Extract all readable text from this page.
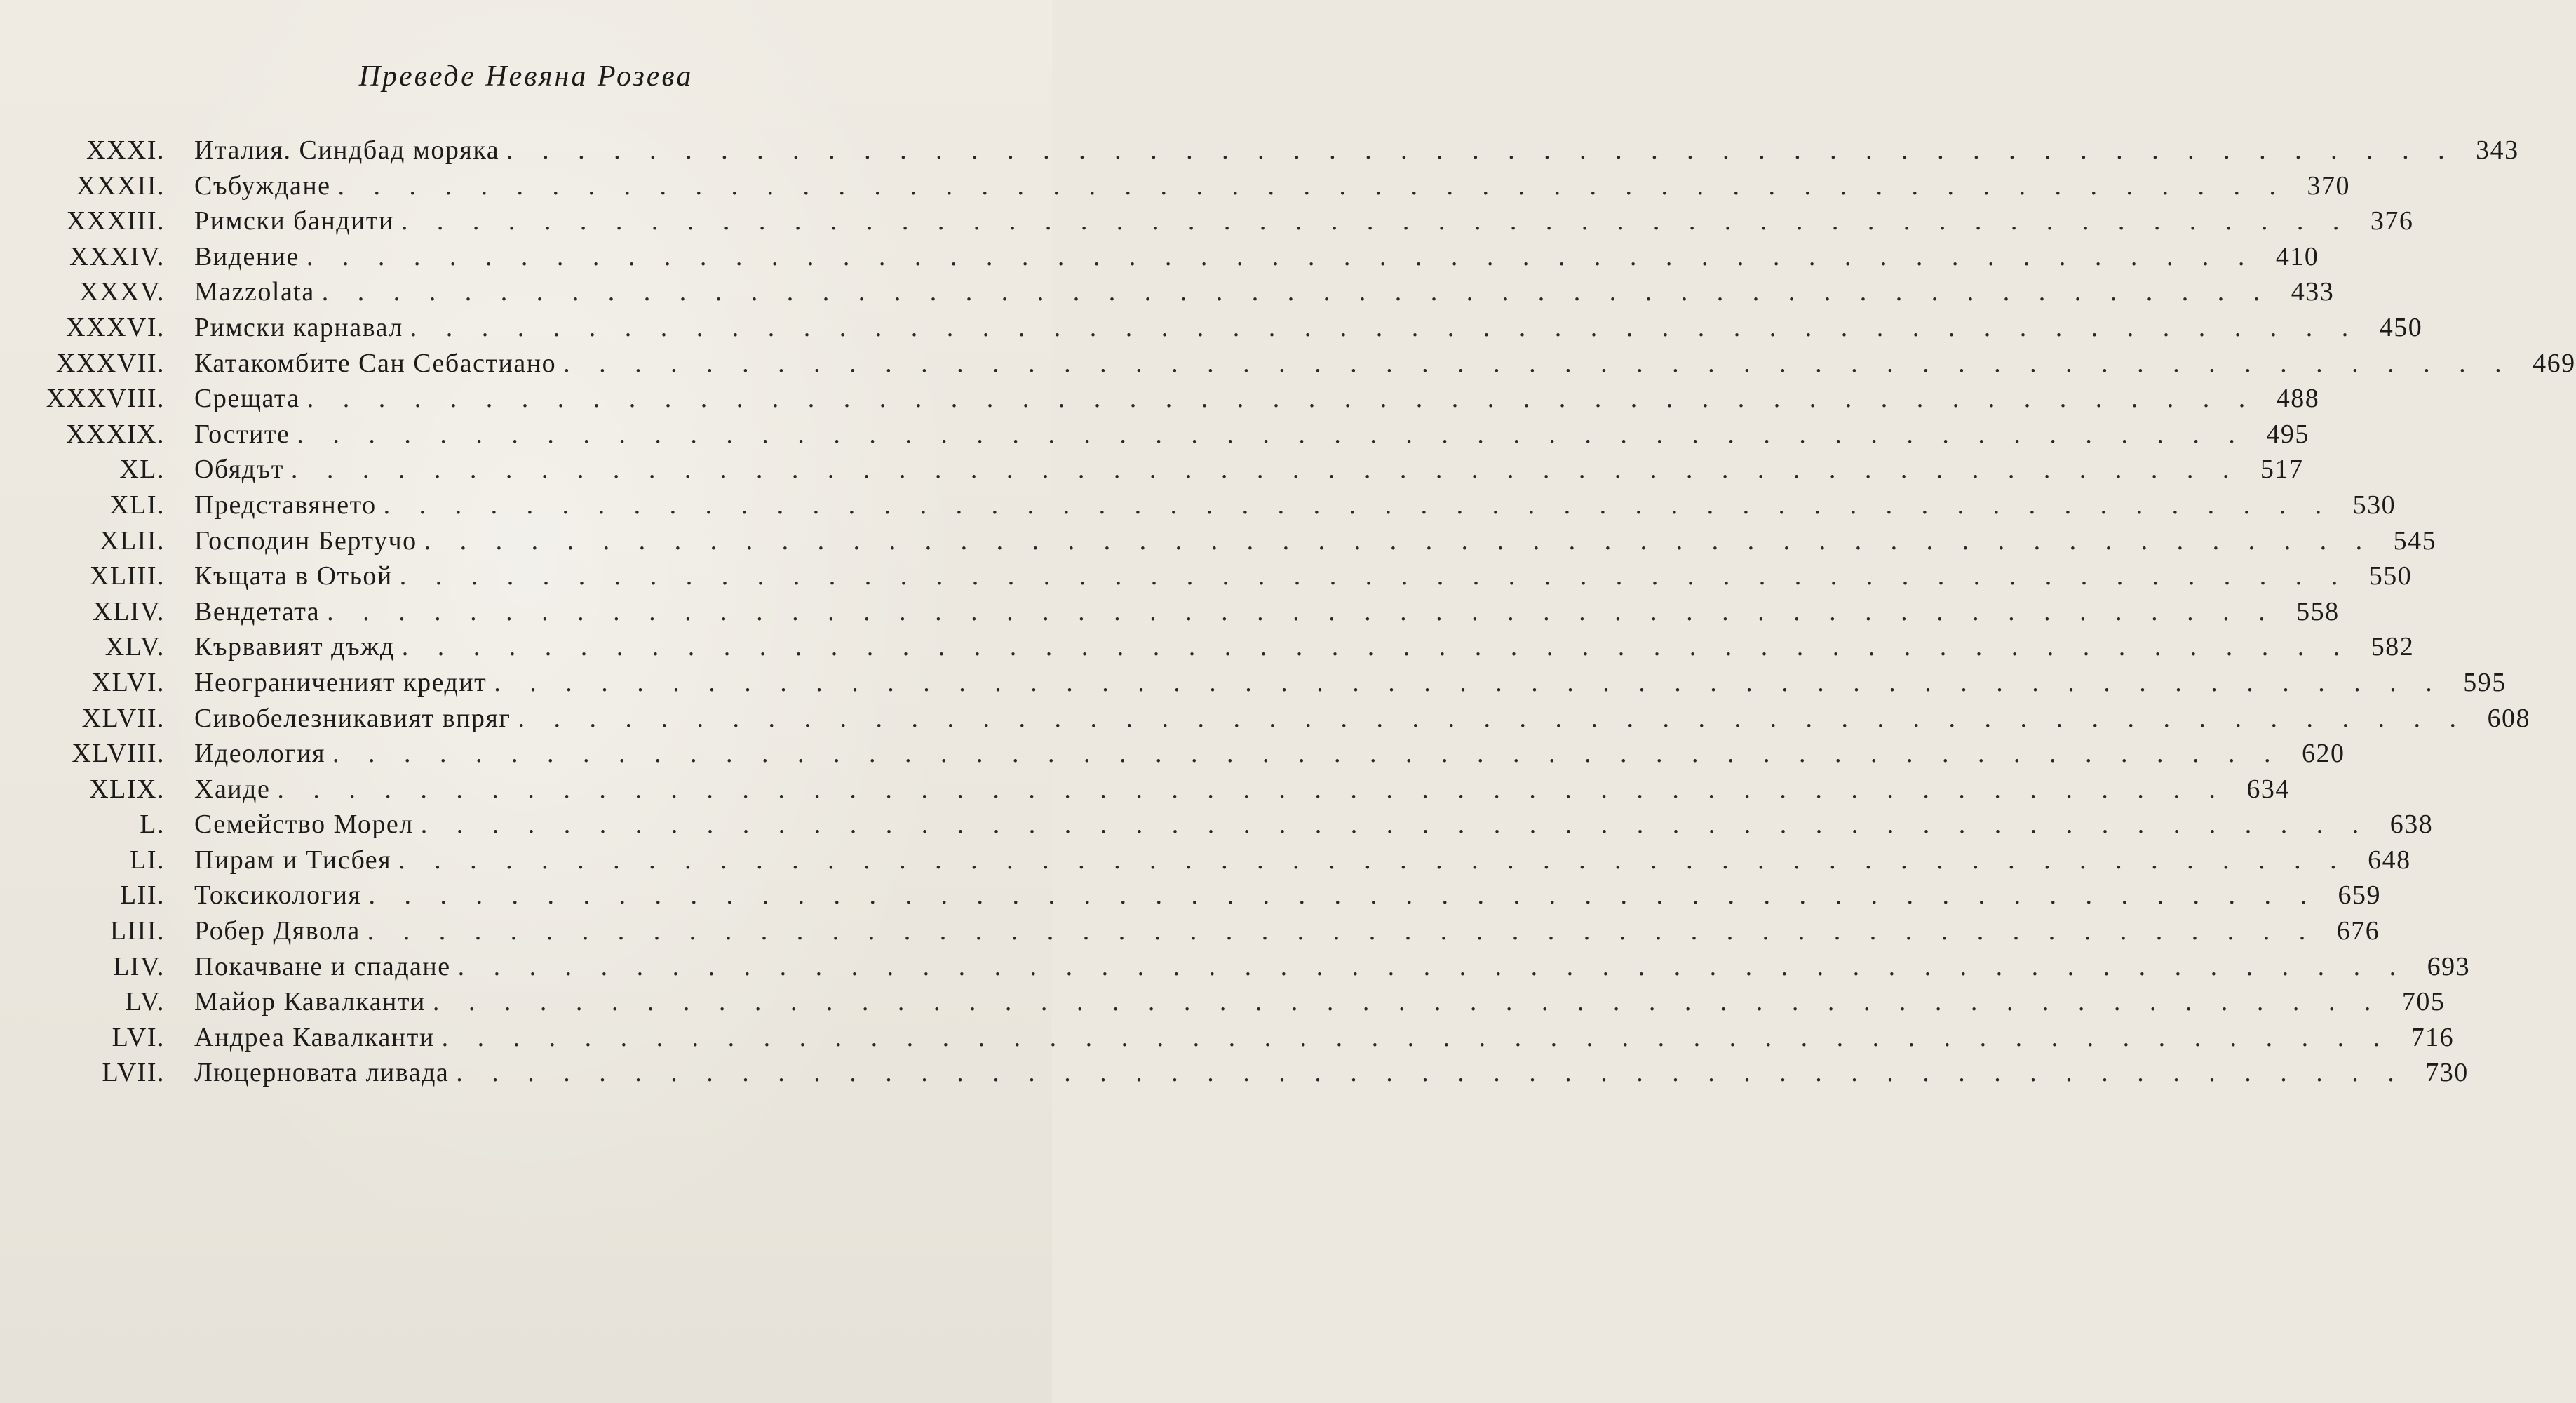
Преведе Невяна Розева
XXXI. Италия. Синдбад моряка . . . . . . . . . . . . . . . . . . . . . . . . . . . . . . . . . . . . . . . . . . . . . . . . . . . . . . . 343
XXXII. Събуждане . . . . . . . . . . . . . . . . . . . . . . . . . . . . . . . . . . . . . . . . . . . . . . . . . . . . . . . 370
XXXIII. Римски бандити . . . . . . . . . . . . . . . . . . . . . . . . . . . . . . . . . . . . . . . . . . . . . . . . . . . . . . . 376
XXXIV. Видение . . . . . . . . . . . . . . . . . . . . . . . . . . . . . . . . . . . . . . . . . . . . . . . . . . . . . . . 410
XXXV. Mazzolata . . . . . . . . . . . . . . . . . . . . . . . . . . . . . . . . . . . . . . . . . . . . . . . . . . . . . . . 433
XXXVI. Римски карнавал . . . . . . . . . . . . . . . . . . . . . . . . . . . . . . . . . . . . . . . . . . . . . . . . . . . . . . . 450
XXXVII. Катакомбите Сан Себастиано . . . . . . . . . . . . . . . . . . . . . . . . . . . . . . . . . . . . . . . . . . . . . . . . . . . . . . . 469
XXXVIII. Срещата . . . . . . . . . . . . . . . . . . . . . . . . . . . . . . . . . . . . . . . . . . . . . . . . . . . . . . . 488
XXXIX. Гостите . . . . . . . . . . . . . . . . . . . . . . . . . . . . . . . . . . . . . . . . . . . . . . . . . . . . . . . 495
XL. Обядът . . . . . . . . . . . . . . . . . . . . . . . . . . . . . . . . . . . . . . . . . . . . . . . . . . . . . . . 517
XLI. Представянето . . . . . . . . . . . . . . . . . . . . . . . . . . . . . . . . . . . . . . . . . . . . . . . . . . . . . . . 530
XLII. Господин Бертучо . . . . . . . . . . . . . . . . . . . . . . . . . . . . . . . . . . . . . . . . . . . . . . . . . . . . . . . 545
XLIII. Къщата в Отьой . . . . . . . . . . . . . . . . . . . . . . . . . . . . . . . . . . . . . . . . . . . . . . . . . . . . . . . 550
XLIV. Вендетата . . . . . . . . . . . . . . . . . . . . . . . . . . . . . . . . . . . . . . . . . . . . . . . . . . . . . . . 558
XLV. Кървавият дъжд . . . . . . . . . . . . . . . . . . . . . . . . . . . . . . . . . . . . . . . . . . . . . . . . . . . . . . . 582
XLVI. Неограниченият кредит . . . . . . . . . . . . . . . . . . . . . . . . . . . . . . . . . . . . . . . . . . . . . . . . . . . . . . . 595
XLVII. Сивобелезникавият впряг . . . . . . . . . . . . . . . . . . . . . . . . . . . . . . . . . . . . . . . . . . . . . . . . . . . . . . . 608
XLVIII. Идеология . . . . . . . . . . . . . . . . . . . . . . . . . . . . . . . . . . . . . . . . . . . . . . . . . . . . . . . 620
XLIX. Хаиде . . . . . . . . . . . . . . . . . . . . . . . . . . . . . . . . . . . . . . . . . . . . . . . . . . . . . . . 634
L. Семейство Морел . . . . . . . . . . . . . . . . . . . . . . . . . . . . . . . . . . . . . . . . . . . . . . . . . . . . . . . 638
LI. Пирам и Тисбея . . . . . . . . . . . . . . . . . . . . . . . . . . . . . . . . . . . . . . . . . . . . . . . . . . . . . . . 648
LII. Токсикология . . . . . . . . . . . . . . . . . . . . . . . . . . . . . . . . . . . . . . . . . . . . . . . . . . . . . . . 659
LIII. Робер Дявола . . . . . . . . . . . . . . . . . . . . . . . . . . . . . . . . . . . . . . . . . . . . . . . . . . . . . . . 676
LIV. Покачване и спадане . . . . . . . . . . . . . . . . . . . . . . . . . . . . . . . . . . . . . . . . . . . . . . . . . . . . . . . 693
LV. Майор Кавалканти . . . . . . . . . . . . . . . . . . . . . . . . . . . . . . . . . . . . . . . . . . . . . . . . . . . . . . . 705
LVI. Андреа Кавалканти . . . . . . . . . . . . . . . . . . . . . . . . . . . . . . . . . . . . . . . . . . . . . . . . . . . . . . . 716
LVII. Люцерновата ливада . . . . . . . . . . . . . . . . . . . . . . . . . . . . . . . . . . . . . . . . . . . . . . . . . . . . . . . 730
